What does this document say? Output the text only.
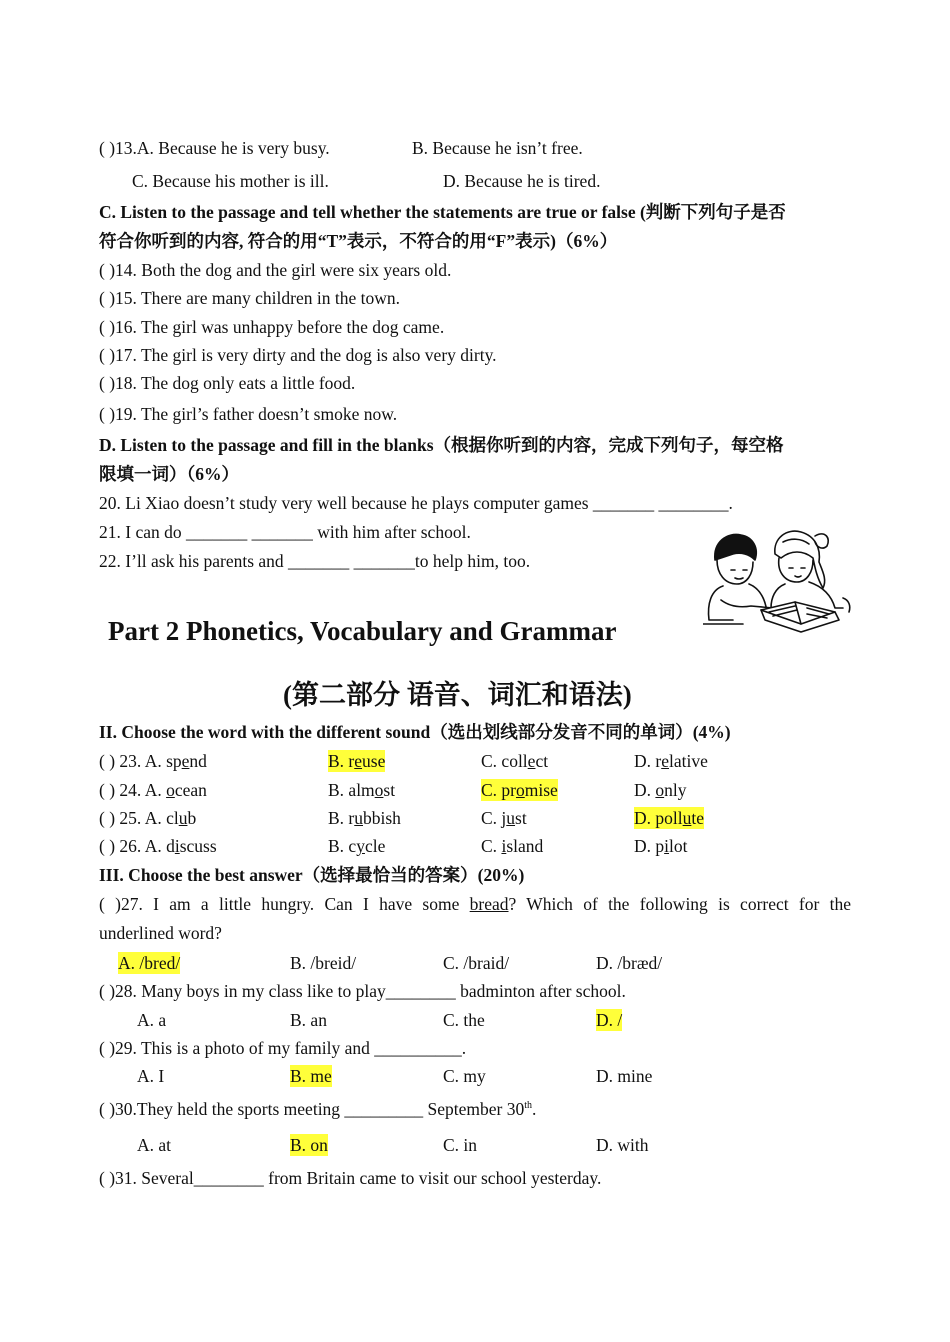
( )13.A. Because he is very busy.	B. Because he isn’t free.
C. Because his mother is ill.	D. Because he is tired.
C. Listen to the passage and tell whether the statements are true or false (判断下列句子是否
符合你听到的内容, 符合的用“T”表示，不符合的用“F”表示)（6%）
( )14. Both the dog and the girl were six years old.
( )15. There are many children in the town.
( )16. The girl was unhappy before the dog came.
( )17. The girl is very dirty and the dog is also very dirty.
( )18. The dog only eats a little food.
( )19. The girl’s father doesn’t smoke now.
D. Listen to the passage and fill in the blanks（根据你听到的内容，完成下列句子，每空格
限填一词）（6%）
20. Li Xiao doesn’t study very well because he plays computer games _______ ________.
21. I can do _______ _______ with him after school.
22. I’ll ask his parents and _______ _______to help him, too.
Part 2 Phonetics, Vocabulary and Grammar
(第二部分 语音、词汇和语法)
II. Choose the word with the different sound（选出划线部分发音不同的单词）(4%)
( ) 23. A. spend	B. reuse	C. collect	D. relative
( ) 24. A. ocean	B. almost	C. promise	D. only
( ) 25. A. club	B. rubbish	C. just	D. pollute
( ) 26. A. discuss	B. cycle	C. island	D. pilot
III. Choose the best answer（选择最恰当的答案）(20%)
( )27. I am a little hungry. Can I have some bread? Which of the following is correct for the
underlined word?
A. /bred/	B. /breid/	C. /braid/	D. /bræd/
( )28. Many boys in my class like to play________ badminton after school.
A. a	B. an	C. the	D. /
( )29. This is a photo of my family and __________.
A. I	B. me	C. my	D. mine
( )30.They held the sports meeting _________ September 30th.
A. at	B. on	C. in	D. with
( )31. Several________ from Britain came to visit our school yesterday.
